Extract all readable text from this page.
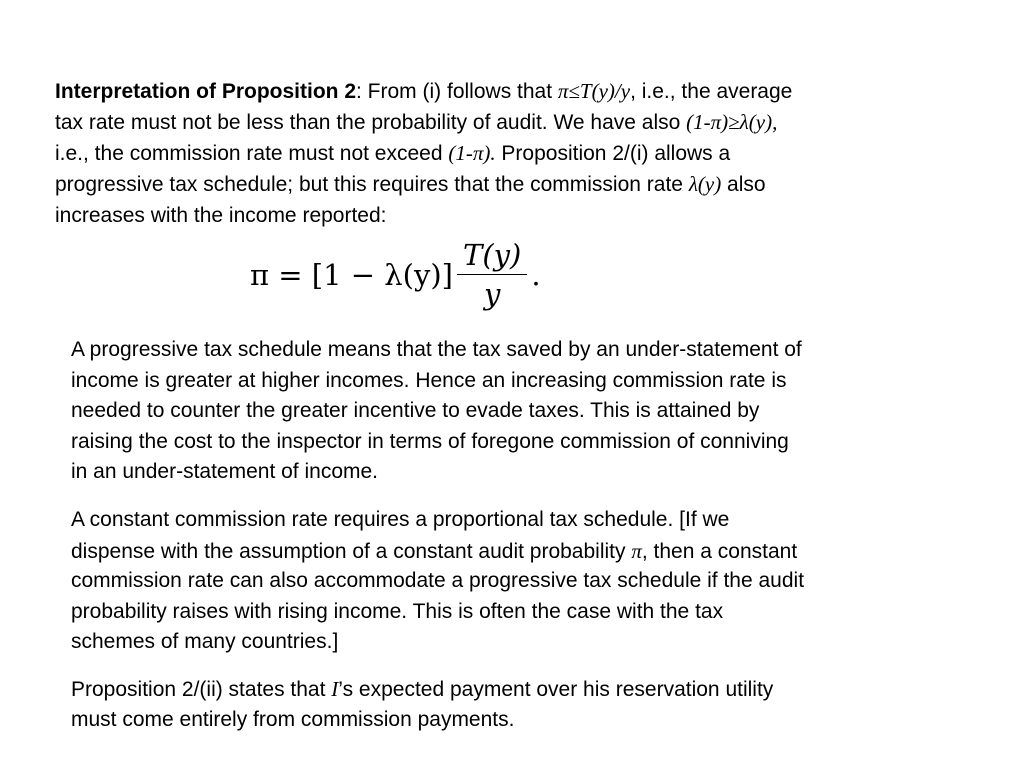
Interpretation of Proposition 2: From (i) follows that π≤T(y)/y, i.e., the average
tax rate must not be less than the probability of audit. We have also (1-π)≥λ(y),
i.e., the commission rate must not exceed (1-π). Proposition 2/(i) allows a
progressive tax schedule; but this requires that the commission rate λ(y) also
increases with the income reported:
$\pi = [1 - \lambda(y)] \frac{T(y)}{y}$ .
A progressive tax schedule means that the tax saved by an under-statement of
income is greater at higher incomes. Hence an increasing commission rate is
needed to counter the greater incentive to evade taxes. This is attained by
raising the cost to the inspector in terms of foregone commission of conniving
in an under-statement of income.
A constant commission rate requires a proportional tax schedule. [If we
dispense with the assumption of a constant audit probability π, then a constant
commission rate can also accommodate a progressive tax schedule if the audit
probability raises with rising income. This is often the case with the tax
schemes of many countries.]
Proposition 2/(ii) states that I’s expected payment over his reservation utility
must come entirely from commission payments.
